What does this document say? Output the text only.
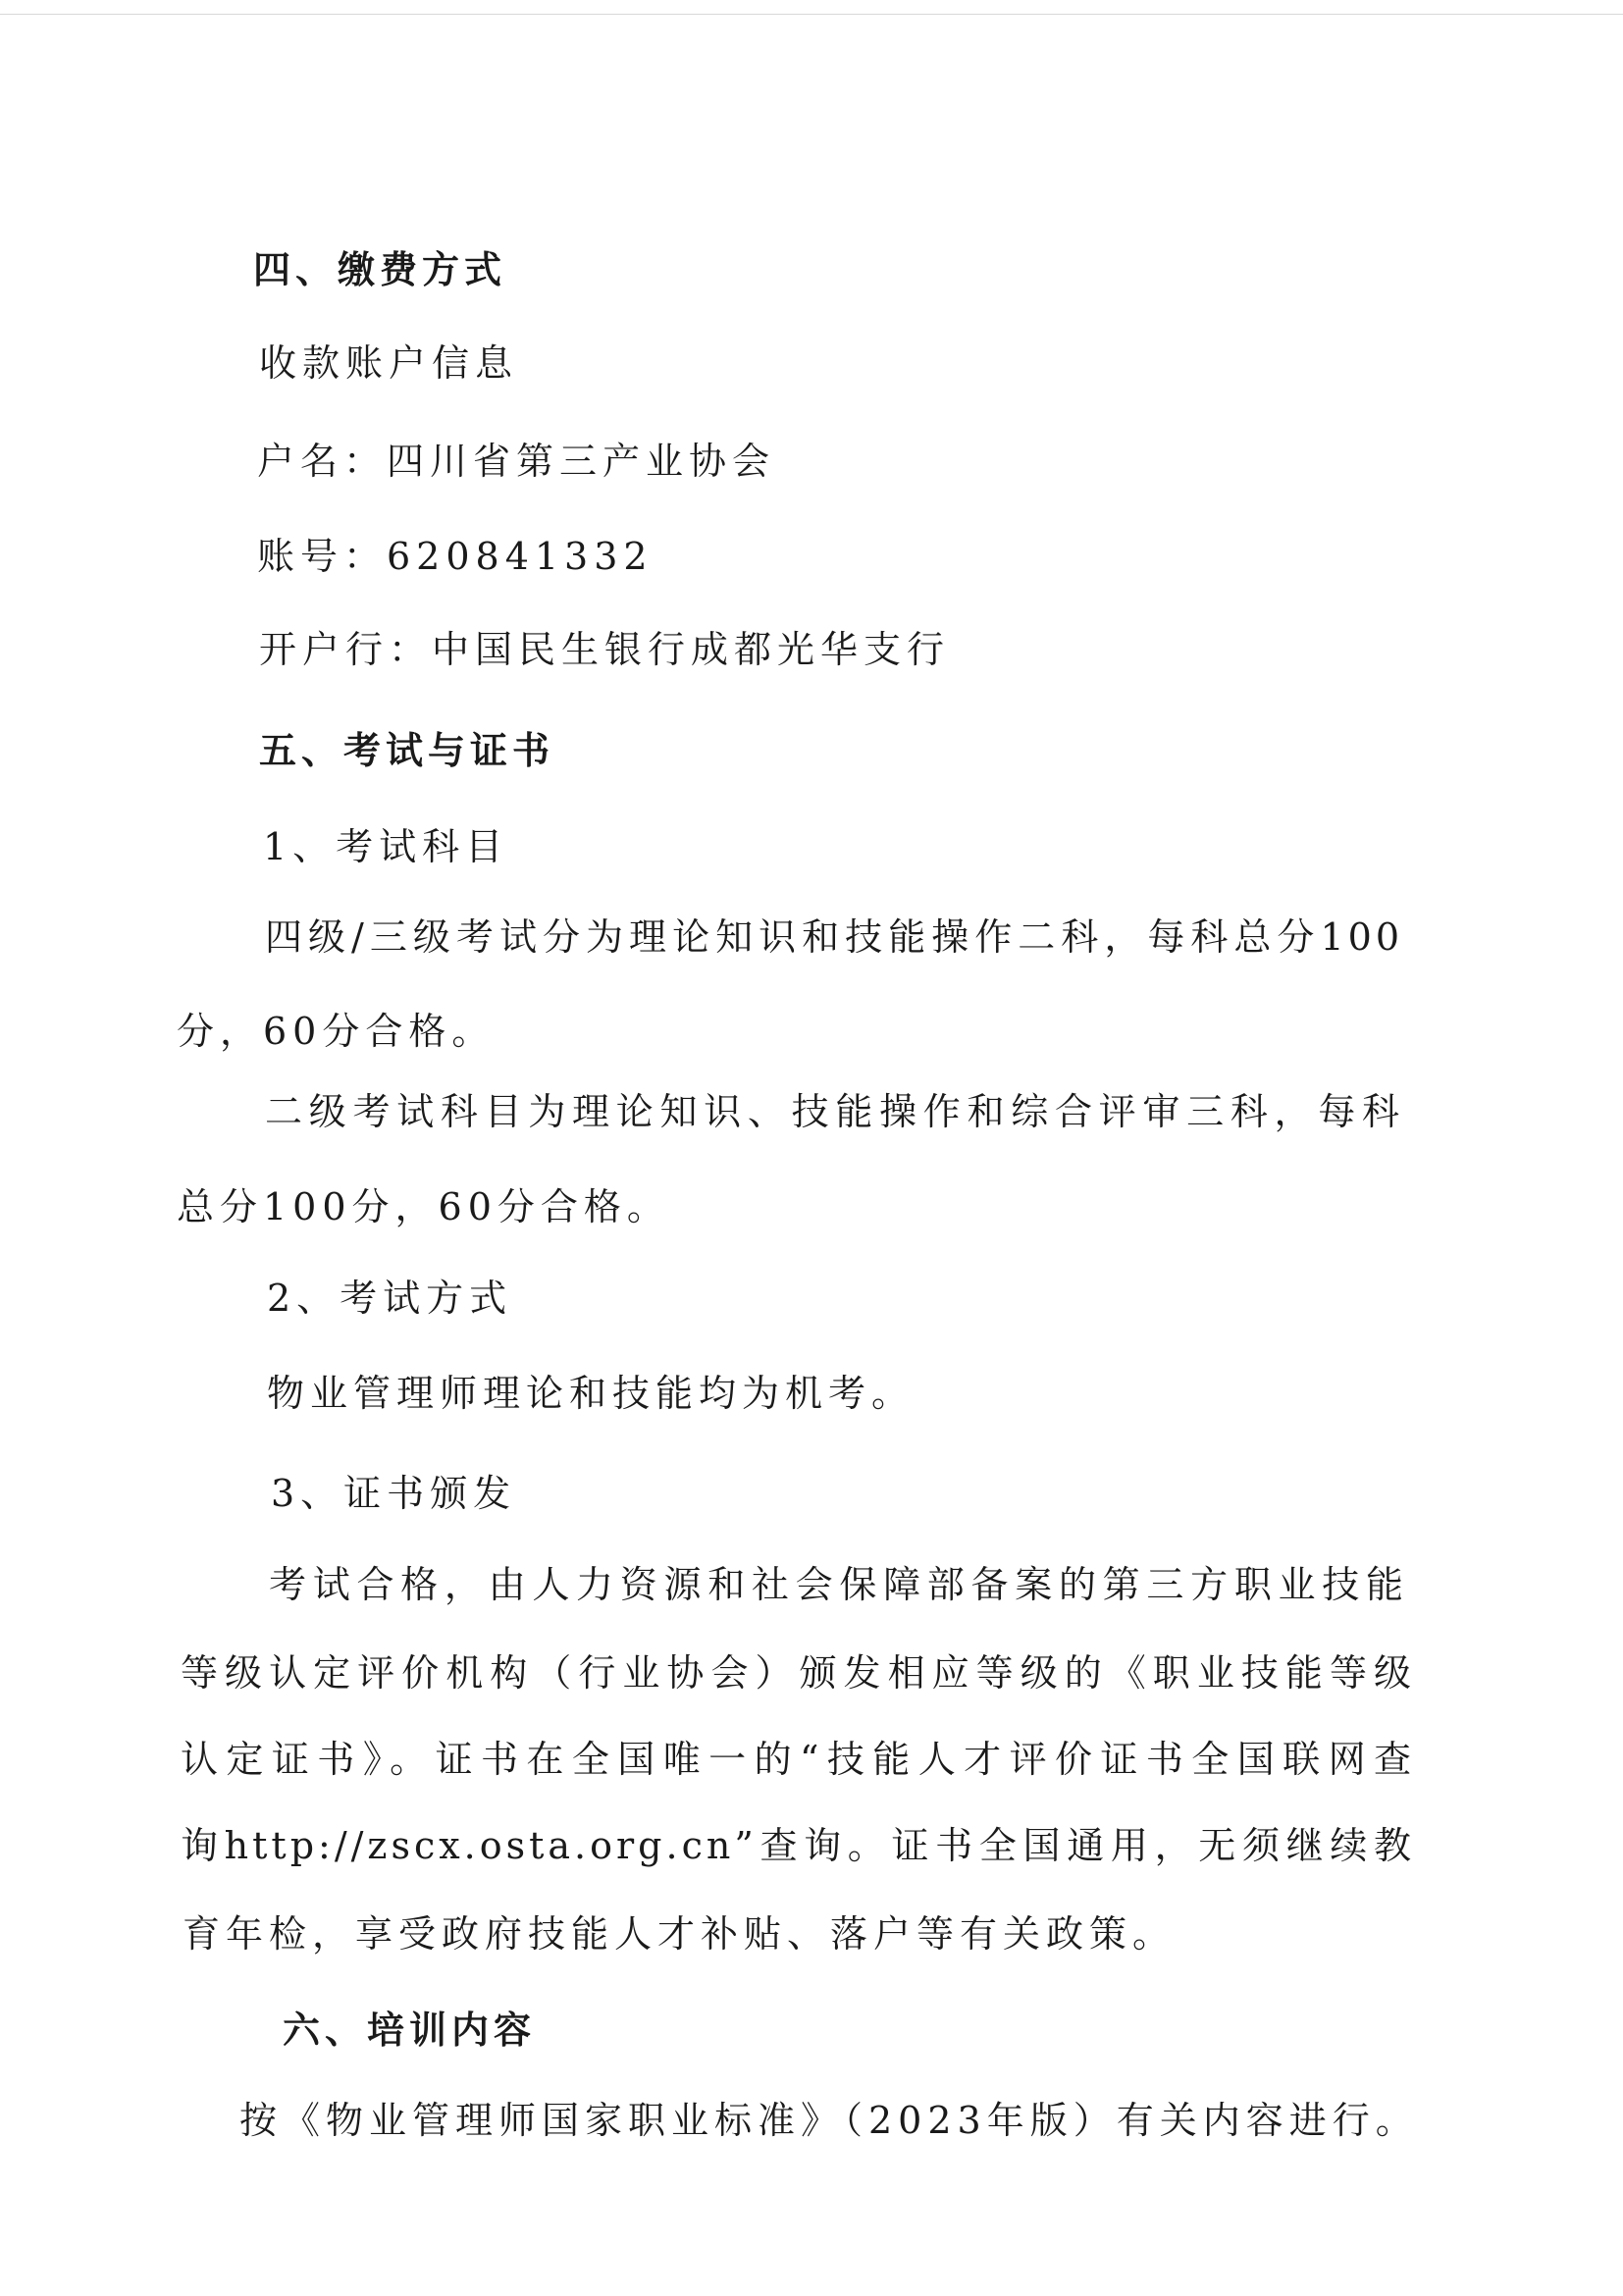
四、缴费方式
收款账户信息
户名：四川省第三产业协会
账号：620841332
开户行：中国民生银行成都光华支行
五、考试与证书
1、考试科目
四级/三级考试分为理论知识和技能操作二科，每科总分100
分，60分合格。
二级考试科目为理论知识、技能操作和综合评审三科，每科
总分100分，60分合格。
2、考试方式
物业管理师理论和技能均为机考。
3、证书颁发
考试合格，由人力资源和社会保障部备案的第三方职业技能
等级认定评价机构（行业协会）颁发相应等级的《职业技能等级
认定证书》。证书在全国唯一的“技能人才评价证书全国联网查
询http://zscx.osta.org.cn”查询。证书全国通用，无须继续教
育年检，享受政府技能人才补贴、落户等有关政策。
六、培训内容
按《物业管理师国家职业标准》（2023年版）有关内容进行。
